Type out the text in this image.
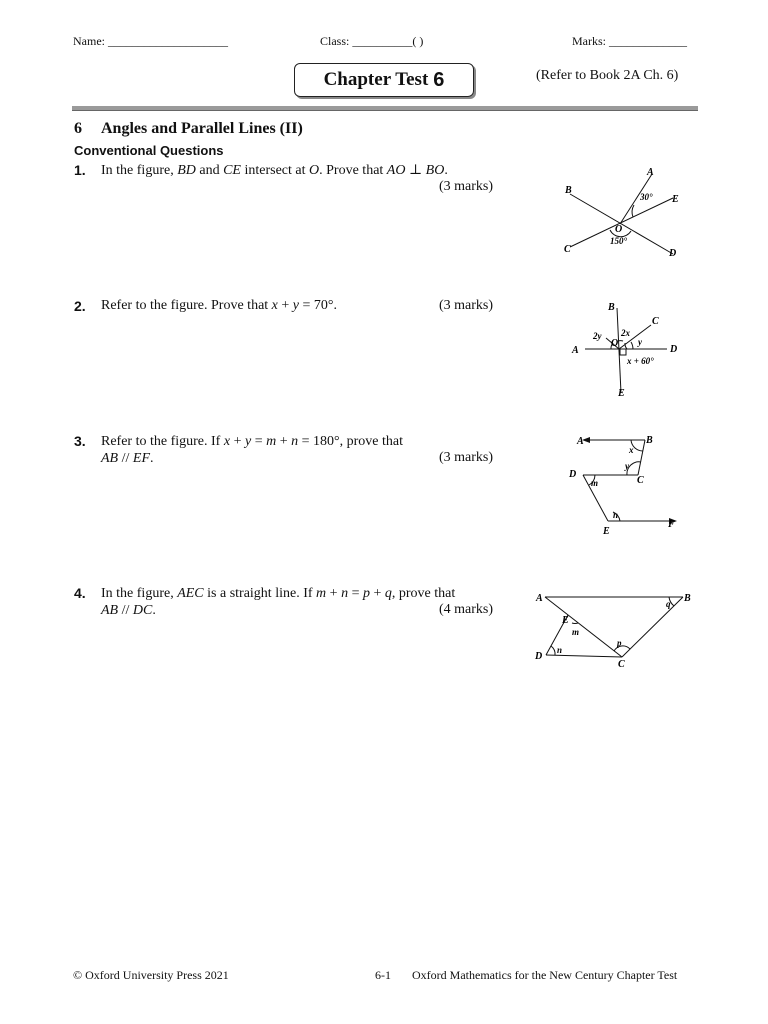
Name: ____________________	Class: __________( )	Marks: _____________
Chapter Test 6	(Refer to Book 2A Ch. 6)
6 Angles and Parallel Lines (II)
Conventional Questions
1. In the figure, BD and CE intersect at O. Prove that AO ⊥ BO.
(3 marks)
2. Refer to the figure. Prove that x + y = 70°.	(3 marks)
3. Refer to the figure. If x + y = m + n = 180°, prove that
AB // EF.	(3 marks)
4. In the figure, AEC is a straight line. If m + n = p + q, prove that
AB // DC.	(4 marks)
A
E
B
O
C	D
30°
150°
B
C
A
O
D
E
2y 2x
y
x + 60°
A	B
D
C
E
F
x
y
m
n
A	B
E
D
C
q
m
p
n
© Oxford University Press 2021	6-1 Oxford Mathematics for the New Century Chapter Test
